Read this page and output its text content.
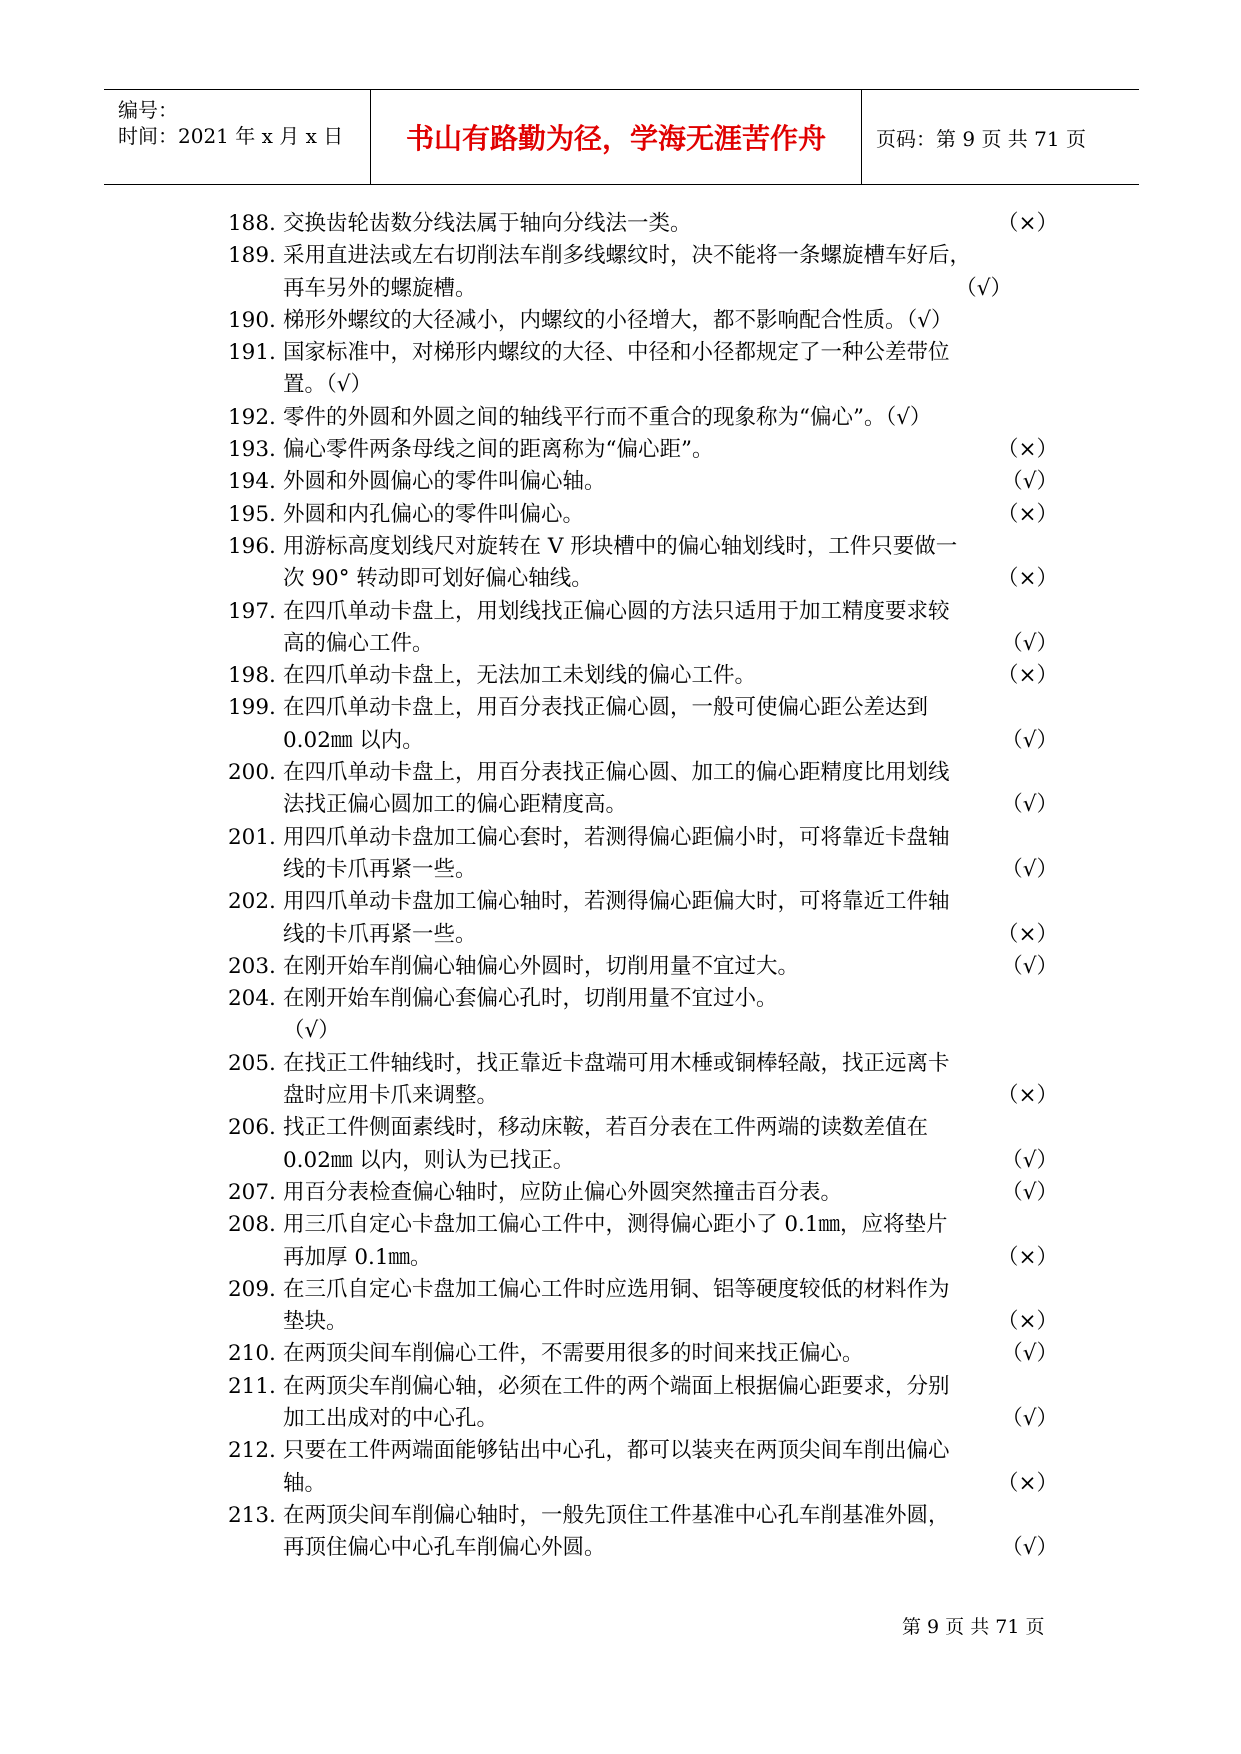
编号：
时间：2021 年 x 月 x 日	书山有路勤为径，学海无涯苦作舟	页码：第 9 页 共 71 页
188. 交换齿轮齿数分线法属于轴向分线法一类。	（×）
189. 采用直进法或左右切削法车削多线螺纹时，决不能将一条螺旋槽车好后，
再车另外的螺旋槽。	（√）
190. 梯形外螺纹的大径减小，内螺纹的小径增大，都不影响配合性质。（√）
191. 国家标准中，对梯形内螺纹的大径、中径和小径都规定了一种公差带位
置。（√）
192. 零件的外圆和外圆之间的轴线平行而不重合的现象称为“偏心”。（√）
193. 偏心零件两条母线之间的距离称为“偏心距”。	（×）
194. 外圆和外圆偏心的零件叫偏心轴。	（√）
195. 外圆和内孔偏心的零件叫偏心。	（×）
196. 用游标高度划线尺对旋转在 V 形块槽中的偏心轴划线时，工件只要做一
次 90° 转动即可划好偏心轴线。	（×）
197. 在四爪单动卡盘上，用划线找正偏心圆的方法只适用于加工精度要求较
高的偏心工件。	（√）
198. 在四爪单动卡盘上，无法加工未划线的偏心工件。	（×）
199. 在四爪单动卡盘上，用百分表找正偏心圆，一般可使偏心距公差达到
0.02㎜ 以内。	（√）
200. 在四爪单动卡盘上，用百分表找正偏心圆、加工的偏心距精度比用划线
法找正偏心圆加工的偏心距精度高。	（√）
201. 用四爪单动卡盘加工偏心套时，若测得偏心距偏小时，可将靠近卡盘轴
线的卡爪再紧一些。	（√）
202. 用四爪单动卡盘加工偏心轴时，若测得偏心距偏大时，可将靠近工件轴
线的卡爪再紧一些。	（×）
203. 在刚开始车削偏心轴偏心外圆时，切削用量不宜过大。	（√）
204. 在刚开始车削偏心套偏心孔时，切削用量不宜过小。
（√）
205. 在找正工件轴线时，找正靠近卡盘端可用木棰或铜棒轻敲，找正远离卡
盘时应用卡爪来调整。	（×）
206. 找正工件侧面素线时，移动床鞍，若百分表在工件两端的读数差值在
0.02㎜ 以内，则认为已找正。	（√）
207. 用百分表检查偏心轴时，应防止偏心外圆突然撞击百分表。	（√）
208. 用三爪自定心卡盘加工偏心工件中，测得偏心距小了 0.1㎜，应将垫片
再加厚 0.1㎜。	（×）
209. 在三爪自定心卡盘加工偏心工件时应选用铜、铝等硬度较低的材料作为
垫块。	（×）
210. 在两顶尖间车削偏心工件，不需要用很多的时间来找正偏心。	（√）
211. 在两顶尖车削偏心轴，必须在工件的两个端面上根据偏心距要求，分别
加工出成对的中心孔。	（√）
212. 只要在工件两端面能够钻出中心孔，都可以装夹在两顶尖间车削出偏心
轴。	（×）
213. 在两顶尖间车削偏心轴时，一般先顶住工件基准中心孔车削基准外圆，
再顶住偏心中心孔车削偏心外圆。	（√）
第 9 页 共 71 页
